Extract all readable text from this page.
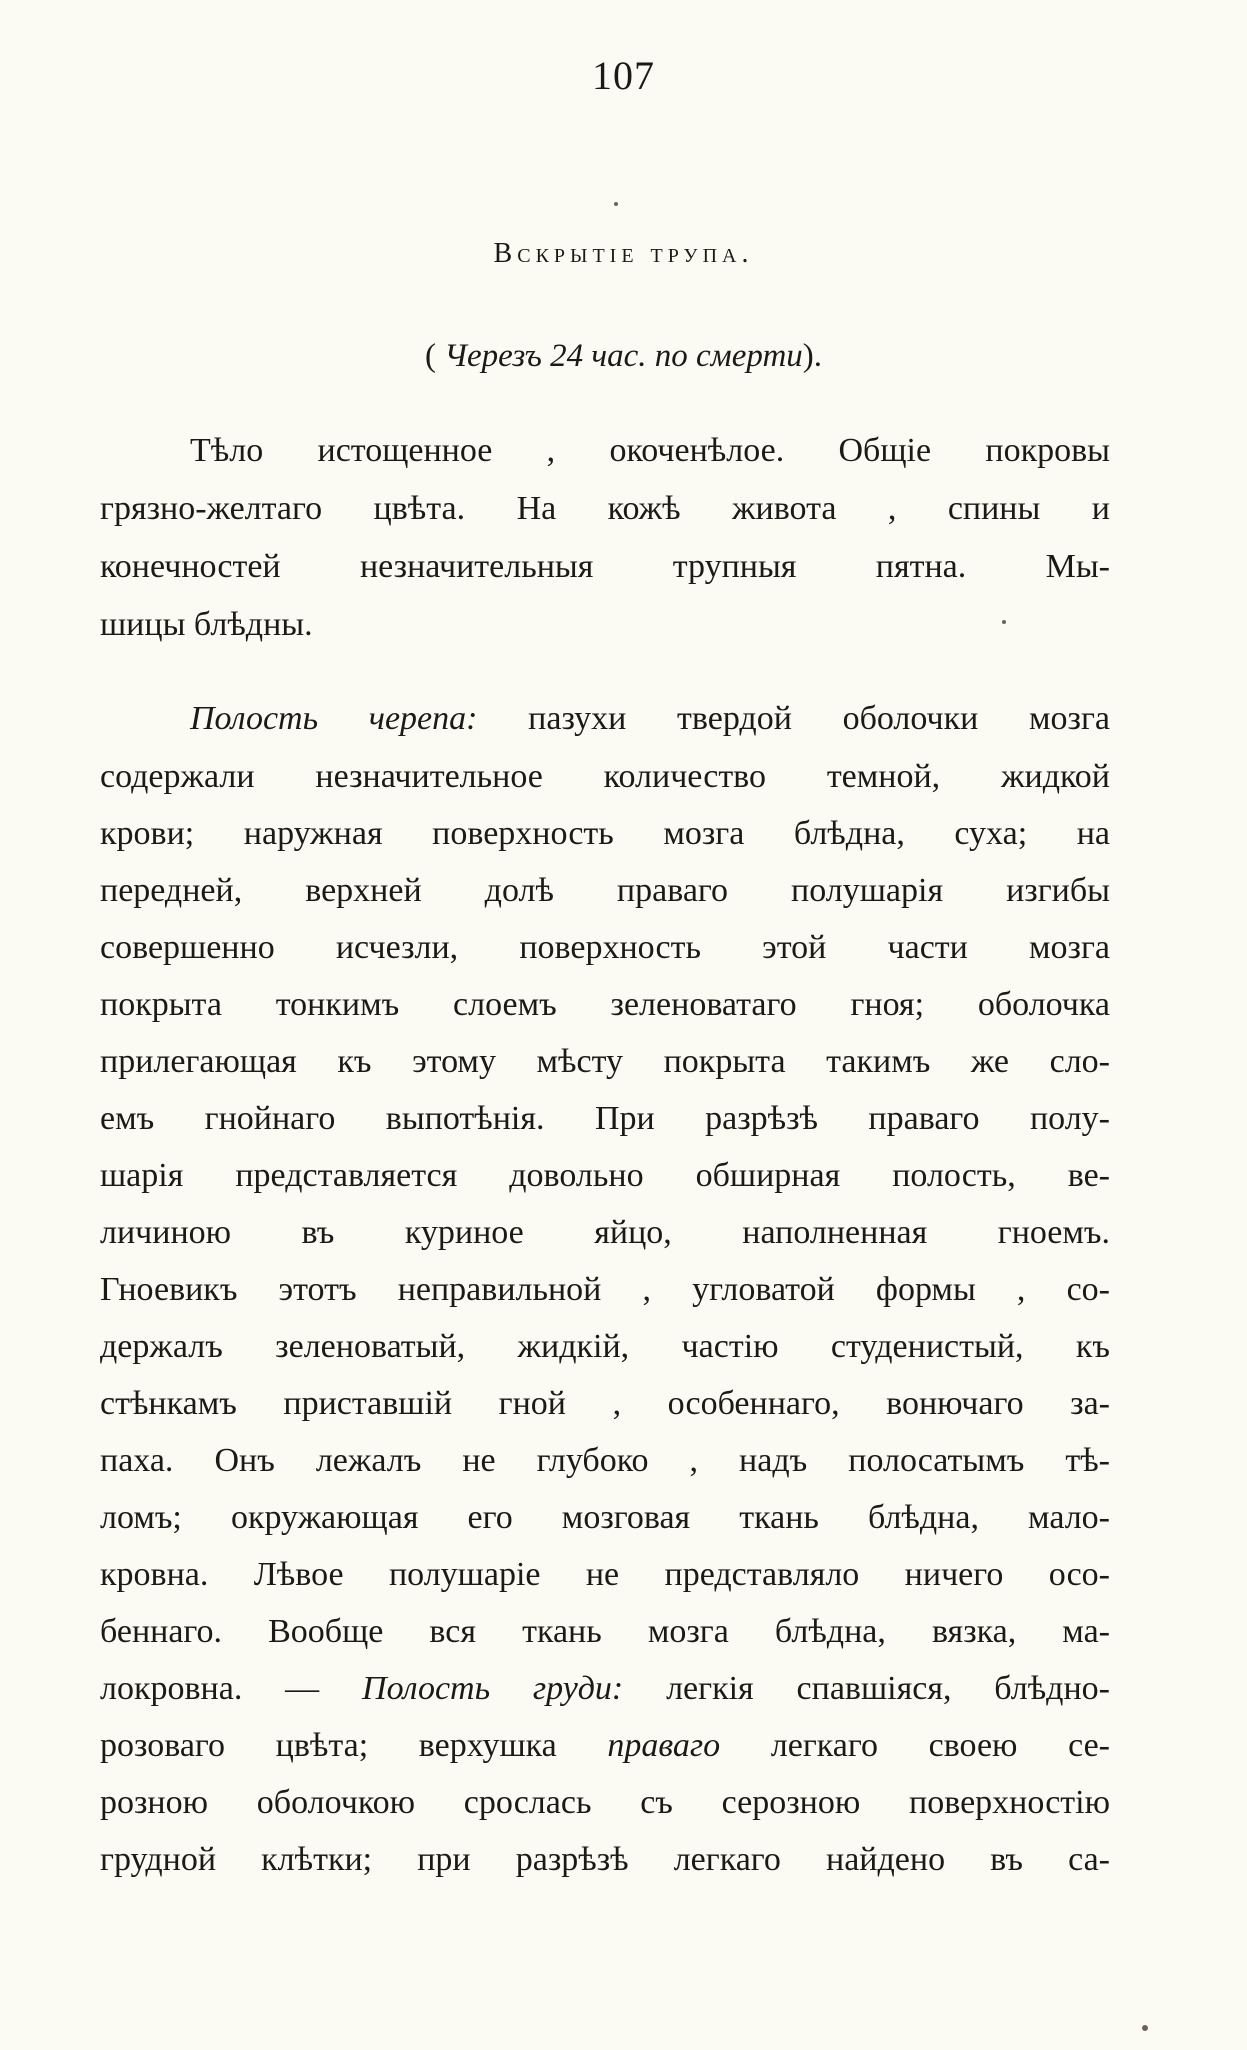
107
Вскрытіе трупа.
( Черезъ 24 час. по смерти).
Тѣло истощенное , окоченѣлое. Общіе покровы
грязно-желтаго цвѣта. На кожѣ живота , спины и
конечностей незначительныя трупныя пятна. Мы-
шицы блѣдны.
Полость черепа: пазухи твердой оболочки мозга
содержали незначительное количество темной, жидкой
крови; наружная поверхность мозга блѣдна, суха; на
передней, верхней долѣ праваго полушарія изгибы
совершенно исчезли, поверхность этой части мозга
покрыта тонкимъ слоемъ зеленоватаго гноя; оболочка
прилегающая къ этому мѣсту покрыта такимъ же сло-
емъ гнойнаго выпотѣнія. При разрѣзѣ праваго полу-
шарія представляется довольно обширная полость, ве-
личиною въ куриное яйцо, наполненная гноемъ.
Гноевикъ этотъ неправильной , угловатой формы , со-
держалъ зеленоватый, жидкій, частію студенистый, къ
стѣнкамъ приставшій гной , особеннаго, вонючаго за-
паха. Онъ лежалъ не глубоко , надъ полосатымъ тѣ-
ломъ; окружающая его мозговая ткань блѣдна, мало-
кровна. Лѣвое полушаріе не представляло ничего осо-
беннаго. Вообще вся ткань мозга блѣдна, вязка, ма-
локровна. — Полость груди: легкія спавшіяся, блѣдно-
розоваго цвѣта; верхушка праваго легкаго своею се-
розною оболочкою срослась съ серозною поверхностію
грудной клѣтки; при разрѣзѣ легкаго найдено въ са-
